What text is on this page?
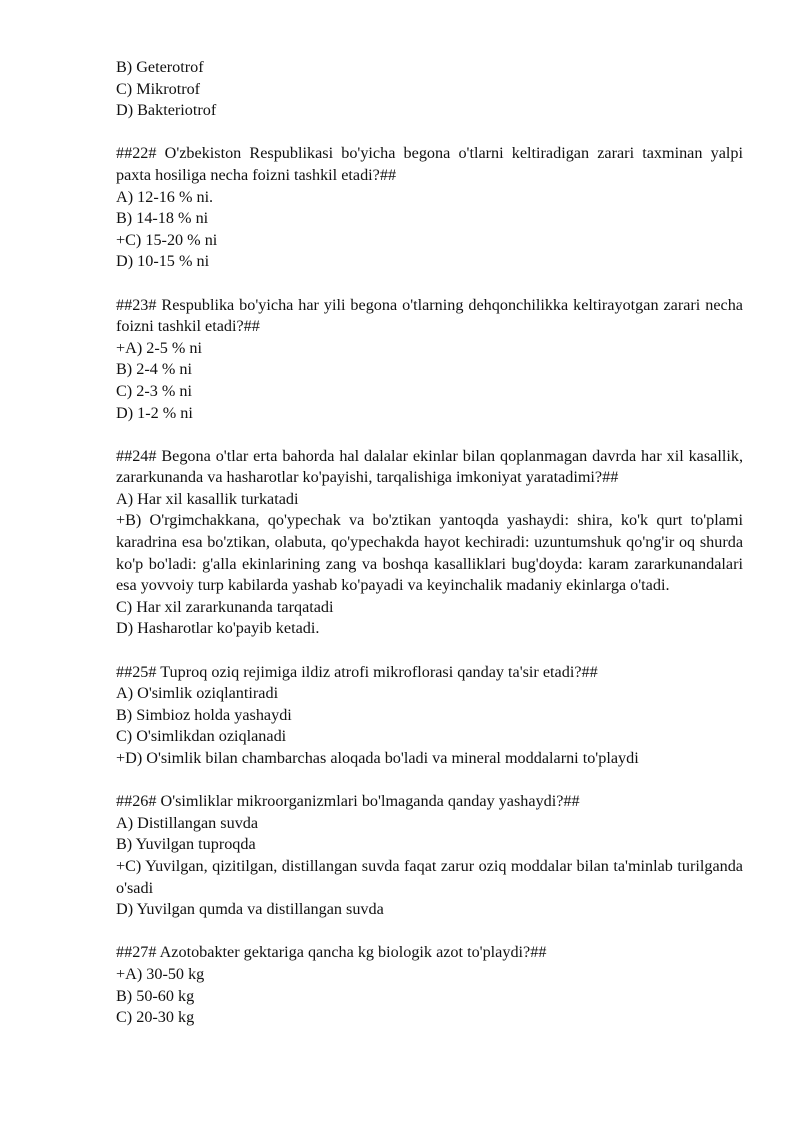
B) Geterotrof
C) Mikrotrof
D) Bakteriotrof
##22# O'zbekiston Respublikasi bo'yicha begona o'tlarni keltiradigan zarari taxminan yalpi paxta hosiliga necha foizni tashkil etadi?##
A) 12-16 % ni.
B) 14-18 % ni
+C) 15-20 % ni
D) 10-15 % ni
##23# Respublika bo'yicha har yili begona o'tlarning dehqonchilikka keltirayotgan zarari necha foizni tashkil etadi?##
+A) 2-5 % ni
B) 2-4 % ni
C) 2-3 % ni
D) 1-2 % ni
##24# Begona o'tlar erta bahorda hal dalalar ekinlar bilan qoplanmagan davrda har xil kasallik, zararkunanda va hasharotlar ko'payishi, tarqalishiga imkoniyat yaratadimi?##
A) Har xil kasallik turkatadi
+B) O'rgimchakkana, qo'ypechak va bo'ztikan yantoqda yashaydi: shira, ko'k qurt to'plami karadrina esa bo'ztikan, olabuta, qo'ypechakda hayot kechiradi: uzuntumshuk qo'ng'ir oq shurda ko'p bo'ladi: g'alla ekinlarining zang va boshqa kasalliklari bug'doyda: karam zararkunandalari esa yovvoiy turp kabilarda yashab ko'payadi va keyinchalik madaniy ekinlarga o'tadi.
C) Har xil zararkunanda tarqatadi
D) Hasharotlar ko'payib ketadi.
##25# Tuproq oziq rejimiga ildiz atrofi mikroflorasi qanday ta'sir etadi?##
A) O'simlik oziqlantiradi
B) Simbioz holda yashaydi
C) O'simlikdan oziqlanadi
+D) O'simlik bilan chambarchas aloqada bo'ladi va mineral moddalarni to'playdi
##26# O'simliklar mikroorganizmlari bo'lmaganda qanday yashaydi?##
A) Distillangan suvda
B) Yuvilgan tuproqda
+C) Yuvilgan, qizitilgan, distillangan suvda faqat zarur oziq moddalar bilan ta'minlab turilganda o'sadi
D) Yuvilgan qumda va distillangan suvda
##27# Azotobakter gektariga qancha kg biologik azot to'playdi?##
+A) 30-50 kg
B) 50-60 kg
C) 20-30 kg
